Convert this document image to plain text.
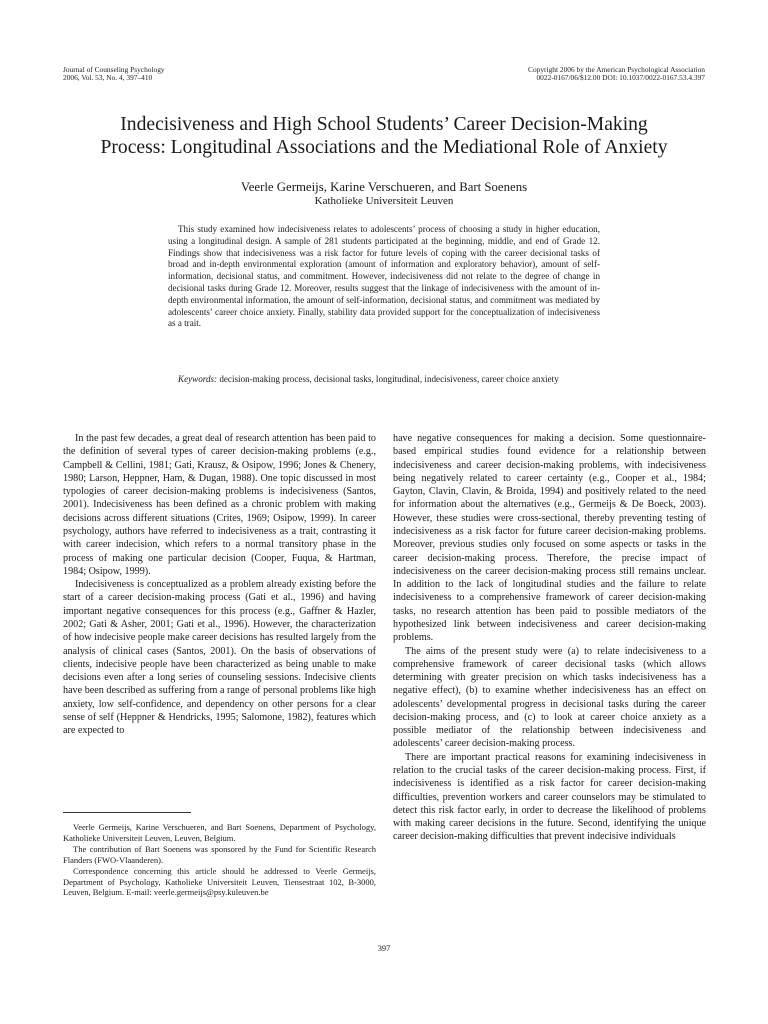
Journal of Counseling Psychology
2006, Vol. 53, No. 4, 397–410
Copyright 2006 by the American Psychological Association
0022-0167/06/$12.00 DOI: 10.1037/0022-0167.53.4.397
Indecisiveness and High School Students’ Career Decision-Making
Process: Longitudinal Associations and the Mediational Role of Anxiety
Veerle Germeijs, Karine Verschueren, and Bart Soenens
Katholieke Universiteit Leuven

This study examined how indecisiveness relates to adolescents’ process of choosing a study in higher education, using a longitudinal design. A sample of 281 students participated at the beginning, middle, and end of Grade 12. Findings show that indecisiveness was a risk factor for future levels of coping with the career decisional tasks of broad and in-depth environmental exploration (amount of information and exploratory behavior), amount of self-information, decisional status, and commitment. However, indecisiveness did not relate to the degree of change in decisional tasks during Grade 12. Moreover, results suggest that the linkage of indecisiveness with the amount of in-depth environmental information, the amount of self-information, decisional status, and commitment was mediated by adolescents’ career choice anxiety. Finally, stability data provided support for the conceptualization of indecisiveness as a trait.

Keywords: decision-making process, decisional tasks, longitudinal, indecisiveness, career choice anxiety

In the past few decades, a great deal of research attention has been paid to the definition of several types of career decision-making problems (e.g., Campbell & Cellini, 1981; Gati, Krausz, & Osipow, 1996; Jones & Chenery, 1980; Larson, Heppner, Ham, & Dugan, 1988). One topic discussed in most typologies of career decision-making problems is indecisiveness (Santos, 2001). Indecisiveness has been defined as a chronic problem with making decisions across different situations (Crites, 1969; Osipow, 1999). In career psychology, authors have referred to indecisiveness as a trait, contrasting it with career indecision, which refers to a normal transitory phase in the process of making one particular decision (Cooper, Fuqua, & Hartman, 1984; Osipow, 1999).

Indecisiveness is conceptualized as a problem already existing before the start of a career decision-making process (Gati et al., 1996) and having important negative consequences for this process (e.g., Gaffner & Hazler, 2002; Gati & Asher, 2001; Gati et al., 1996). However, the characterization of how indecisive people make career decisions has resulted largely from the analysis of clinical cases (Santos, 2001). On the basis of observations of clients, indecisive people have been characterized as being unable to make decisions even after a long series of counseling sessions. Indecisive clients have been described as suffering from a range of personal problems like high anxiety, low self-confidence, and dependency on other persons for a clear sense of self (Heppner & Hendricks, 1995; Salomone, 1982), features which are expected to

have negative consequences for making a decision. Some questionnaire-based empirical studies found evidence for a relationship between indecisiveness and career decision-making problems, with indecisiveness being negatively related to career certainty (e.g., Cooper et al., 1984; Gayton, Clavin, Clavin, & Broida, 1994) and positively related to the need for information about the alternatives (e.g., Germeijs & De Boeck, 2003). However, these studies were cross-sectional, thereby preventing testing of indecisiveness as a risk factor for future career decision-making problems. Moreover, previous studies only focused on some aspects or tasks in the career decision-making process. Therefore, the precise impact of indecisiveness on the career decision-making process still remains unclear. In addition to the lack of longitudinal studies and the failure to relate indecisiveness to a comprehensive framework of career decision-making tasks, no research attention has been paid to possible mediators of the hypothesized link between indecisiveness and career decision-making problems.

The aims of the present study were (a) to relate indecisiveness to a comprehensive framework of career decisional tasks (which allows determining with greater precision on which tasks indecisiveness has a negative effect), (b) to examine whether indecisiveness has an effect on adolescents’ developmental progress in decisional tasks during the career decision-making process, and (c) to look at career choice anxiety as a possible mediator of the relationship between indecisiveness and adolescents’ career decision-making process.

There are important practical reasons for examining indecisiveness in relation to the crucial tasks of the career decision-making process. First, if indecisiveness is identified as a risk factor for career decision-making difficulties, prevention workers and career counselors may be stimulated to detect this risk factor early, in order to decrease the likelihood of problems with making career decisions in the future. Second, identifying the unique career decision-making difficulties that prevent indecisive individuals

Veerle Germeijs, Karine Verschueren, and Bart Soenens, Department of Psychology, Katholieke Universiteit Leuven, Leuven, Belgium.

The contribution of Bart Soenens was sponsored by the Fund for Scientific Research Flanders (FWO-Vlaanderen).

Correspondence concerning this article should be addressed to Veerle Germeijs, Department of Psychology, Katholieke Universiteit Leuven, Tiensestraat 102, B-3000, Leuven, Belgium. E-mail: veerle.germeijs@psy.kuleuven.be

397
